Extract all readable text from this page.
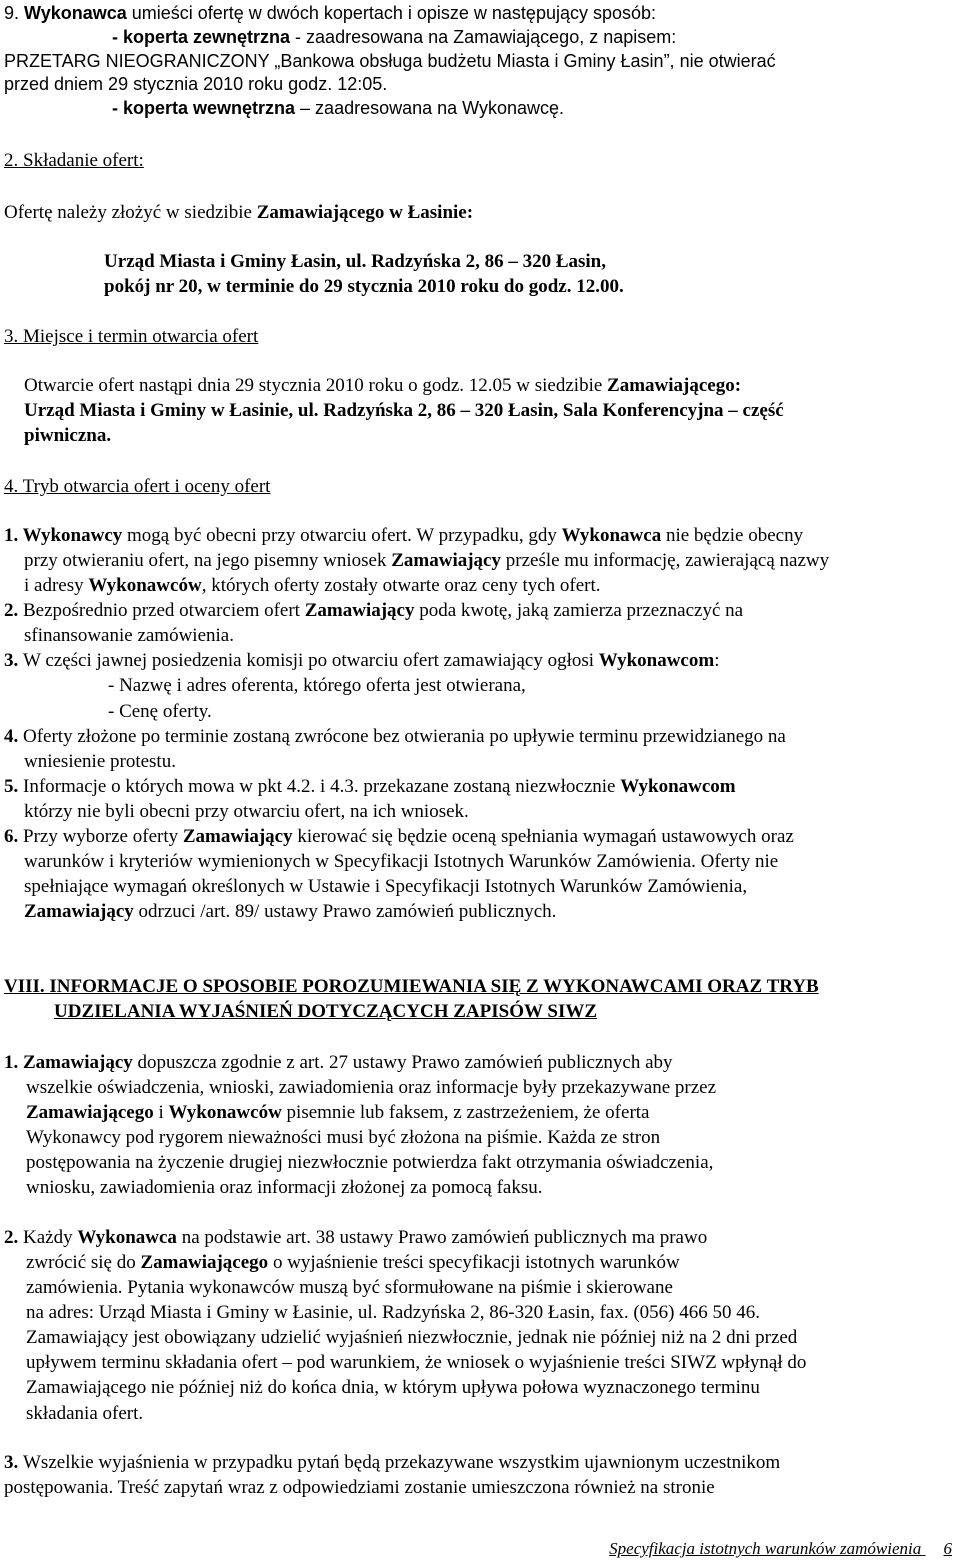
9. Wykonawca umieści ofertę w dwóch kopertach i opisze w następujący sposób:
- koperta zewnętrzna - zaadresowana na Zamawiającego, z napisem:
PRZETARG NIEOGRANICZONY „Bankowa obsługa budżetu Miasta i Gminy Łasin”, nie otwierać
przed dniem 29 stycznia 2010 roku godz. 12:05.
- koperta wewnętrzna – zaadresowana na Wykonawcę.
2. Składanie ofert:
Ofertę należy złożyć w siedzibie Zamawiającego w Łasinie:
Urząd Miasta i Gminy Łasin, ul. Radzyńska 2, 86 – 320 Łasin,
pokój nr 20, w terminie do 29 stycznia 2010 roku do godz. 12.00.
3. Miejsce i termin otwarcia ofert
Otwarcie ofert nastąpi dnia 29 stycznia 2010 roku o godz. 12.05 w siedzibie Zamawiającego:
Urząd Miasta i Gminy w Łasinie, ul. Radzyńska 2, 86 – 320 Łasin, Sala Konferencyjna – część
piwniczna.
4. Tryb otwarcia ofert i oceny ofert
1. Wykonawcy mogą być obecni przy otwarciu ofert. W przypadku, gdy Wykonawca nie będzie obecny
przy otwieraniu ofert, na jego pisemny wniosek Zamawiający prześle mu informację, zawierającą nazwy
i adresy Wykonawców, których oferty zostały otwarte oraz ceny tych ofert.
2. Bezpośrednio przed otwarciem ofert Zamawiający poda kwotę, jaką zamierza przeznaczyć na
sfinansowanie zamówienia.
3. W części jawnej posiedzenia komisji po otwarciu ofert zamawiający ogłosi Wykonawcom:
- Nazwę i adres oferenta, którego oferta jest otwierana,
- Cenę oferty.
4. Oferty złożone po terminie zostaną zwrócone bez otwierania po upływie terminu przewidzianego na
wniesienie protestu.
5. Informacje o których mowa w pkt 4.2. i 4.3. przekazane zostaną niezwłocznie Wykonawcom
którzy nie byli obecni przy otwarciu ofert, na ich wniosek.
6. Przy wyborze oferty Zamawiający kierować się będzie oceną spełniania wymagań ustawowych oraz
warunków i kryteriów wymienionych w Specyfikacji Istotnych Warunków Zamówienia. Oferty nie
spełniające wymagań określonych w Ustawie i Specyfikacji Istotnych Warunków Zamówienia,
Zamawiający odrzuci /art. 89/ ustawy Prawo zamówień publicznych.
VIII. INFORMACJE O SPOSOBIE POROZUMIEWANIA SIĘ Z WYKONAWCAMI ORAZ TRYB
UDZIELANIA WYJAŚNIEŃ DOTYCZĄCYCH ZAPISÓW SIWZ
1. Zamawiający dopuszcza zgodnie z art. 27 ustawy Prawo zamówień publicznych aby
wszelkie oświadczenia, wnioski, zawiadomienia oraz informacje były przekazywane przez
Zamawiającego i Wykonawców pisemnie lub faksem, z zastrzeżeniem, że oferta
Wykonawcy pod rygorem nieważności musi być złożona na piśmie. Każda ze stron
postępowania na życzenie drugiej niezwłocznie potwierdza fakt otrzymania oświadczenia,
wniosku, zawiadomienia oraz informacji złożonej za pomocą faksu.
2. Każdy Wykonawca na podstawie art. 38 ustawy Prawo zamówień publicznych ma prawo
zwrócić się do Zamawiającego o wyjaśnienie treści specyfikacji istotnych warunków
zamówienia. Pytania wykonawców muszą być sformułowane na piśmie i skierowane
na adres: Urząd Miasta i Gminy w Łasinie, ul. Radzyńska 2, 86-320 Łasin, fax. (056) 466 50 46.
Zamawiający jest obowiązany udzielić wyjaśnień niezwłocznie, jednak nie później niż na 2 dni przed
upływem terminu składania ofert – pod warunkiem, że wniosek o wyjaśnienie treści SIWZ wpłynął do
Zamawiającego nie później niż do końca dnia, w którym upływa połowa wyznaczonego terminu
składania ofert.
3. Wszelkie wyjaśnienia w przypadku pytań będą przekazywane wszystkim ujawnionym uczestnikom
postępowania. Treść zapytań wraz z odpowiedziami zostanie umieszczona również na stronie
Specyfikacja istotnych warunków zamówienia 6
